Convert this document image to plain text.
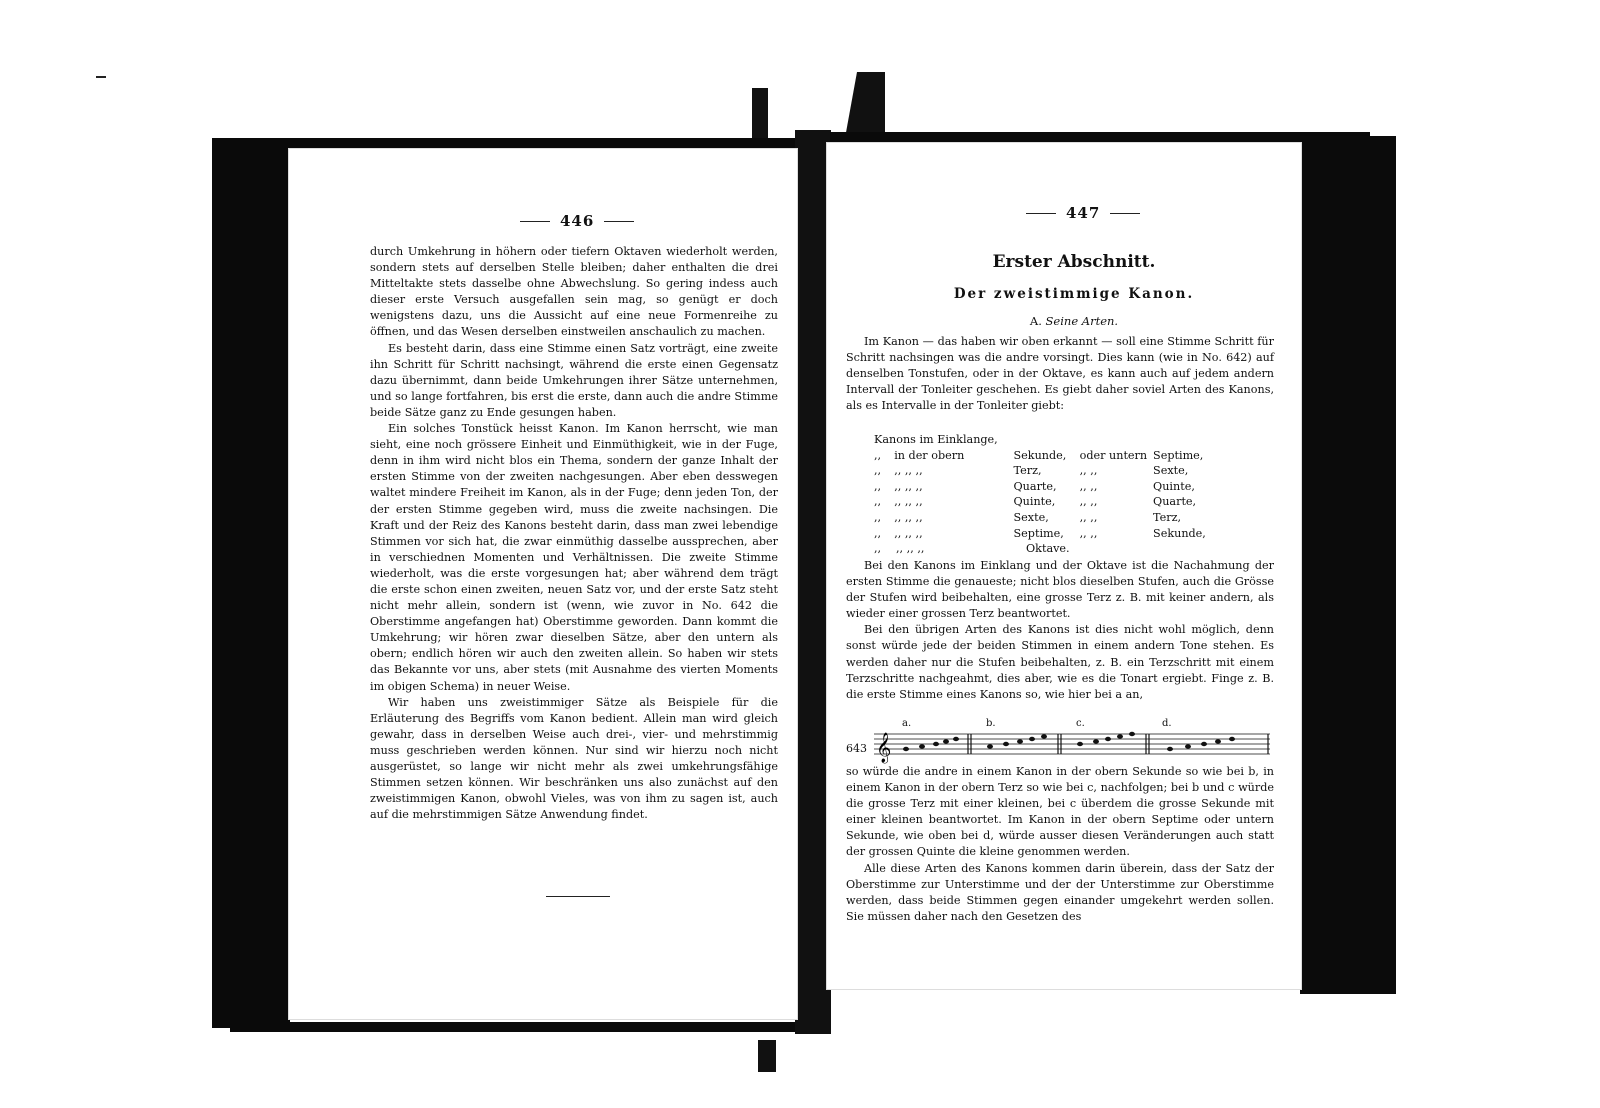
446

durch Umkehrung in höhern oder tiefern Oktaven wiederholt werden, sondern stets auf derselben Stelle bleiben; daher enthalten die drei Mitteltakte stets dasselbe ohne Abwechslung. So gering indess auch dieser erste Versuch ausgefallen sein mag, so genügt er doch wenigstens dazu, uns die Aussicht auf eine neue Formenreihe zu öffnen, und das Wesen derselben einstweilen anschaulich zu machen.

Es besteht darin, dass eine Stimme einen Satz vorträgt, eine zweite ihn Schritt für Schritt nachsingt, während die erste einen Gegensatz dazu übernimmt, dann beide Umkehrungen ihrer Sätze unternehmen, und so lange fortfahren, bis erst die erste, dann auch die andre Stimme beide Sätze ganz zu Ende gesungen haben.

Ein solches Tonstück heisst Kanon. Im Kanon herrscht, wie man sieht, eine noch grössere Einheit und Einmüthigkeit, wie in der Fuge, denn in ihm wird nicht blos ein Thema, sondern der ganze Inhalt der ersten Stimme von der zweiten nachgesungen. Aber eben desswegen waltet mindere Freiheit im Kanon, als in der Fuge; denn jeden Ton, der der ersten Stimme gegeben wird, muss die zweite nachsingen. Die Kraft und der Reiz des Kanons besteht darin, dass man zwei lebendige Stimmen vor sich hat, die zwar einmüthig dasselbe aussprechen, aber in verschiednen Momenten und Verhältnissen. Die zweite Stimme wiederholt, was die erste vorgesungen hat; aber während dem trägt die erste schon einen zweiten, neuen Satz vor, und der erste Satz steht nicht mehr allein, sondern ist (wenn, wie zuvor in No. 642 die Oberstimme angefangen hat) Oberstimme geworden. Dann kommt die Umkehrung; wir hören zwar dieselben Sätze, aber den untern als obern; endlich hören wir auch den zweiten allein. So haben wir stets das Bekannte vor uns, aber stets (mit Ausnahme des vierten Moments im obigen Schema) in neuer Weise.

Wir haben uns zweistimmiger Sätze als Beispiele für die Erläuterung des Begriffs vom Kanon bedient. Allein man wird gleich gewahr, dass in derselben Weise auch drei-, vier- und mehrstimmig muss geschrieben werden können. Nur sind wir hierzu noch nicht ausgerüstet, so lange wir nicht mehr als zwei umkehrungsfähige Stimmen setzen können. Wir beschränken uns also zunächst auf den zweistimmigen Kanon, obwohl Vieles, was von ihm zu sagen ist, auch auf die mehrstimmigen Sätze Anwendung findet.

447
Erster Abschnitt.
Der zweistimmige Kanon.
A. Seine Arten.

Im Kanon — das haben wir oben erkannt — soll eine Stimme Schritt für Schritt nachsingen was die andre vorsingt. Dies kann (wie in No. 642) auf denselben Tonstufen, oder in der Oktave, es kann auch auf jedem andern Intervall der Tonleiter geschehen. Es giebt daher soviel Arten des Kanons, als es Intervalle in der Tonleiter giebt:

Kanons im Einklange,
,,	in der obern	Sekunde,	oder untern Septime,
,,	,, ,, ,,	Terz,	,, ,,	Sexte,
,,	,, ,, ,,	Quarte,	,, ,,	Quinte,
,,	,, ,, ,,	Quinte,	,, ,,	Quarte,
,,	,, ,, ,,	Sexte,	,, ,,	Terz,
,,	,, ,, ,,	Septime,	,, ,,	Sekunde,
,,	,, ,, ,,	Oktave.

Bei den Kanons im Einklang und der Oktave ist die Nachahmung der ersten Stimme die genaueste; nicht blos dieselben Stufen, auch die Grösse der Stufen wird beibehalten, eine grosse Terz z. B. mit keiner andern, als wieder einer grossen Terz beantwortet.

Bei den übrigen Arten des Kanons ist dies nicht wohl möglich, denn sonst würde jede der beiden Stimmen in einem andern Tone stehen. Es werden daher nur die Stufen beibehalten, z. B. ein Terzschritt mit einem Terzschritte nachgeahmt, dies aber, wie es die Tonart ergiebt. Finge z. B. die erste Stimme eines Kanons so, wie hier bei a an,

643
a.	b.	c.	d.
𝄞

so würde die andre in einem Kanon in der obern Sekunde so wie bei b, in einem Kanon in der obern Terz so wie bei c, nachfolgen; bei b und c würde die grosse Terz mit einer kleinen, bei c überdem die grosse Sekunde mit einer kleinen beantwortet. Im Kanon in der obern Septime oder untern Sekunde, wie oben bei d, würde ausser diesen Veränderungen auch statt der grossen Quinte die kleine genommen werden.

Alle diese Arten des Kanons kommen darin überein, dass der Satz der Oberstimme zur Unterstimme und der der Unterstimme zur Oberstimme werden, dass beide Stimmen gegen einander umgekehrt werden sollen. Sie müssen daher nach den Gesetzen des
